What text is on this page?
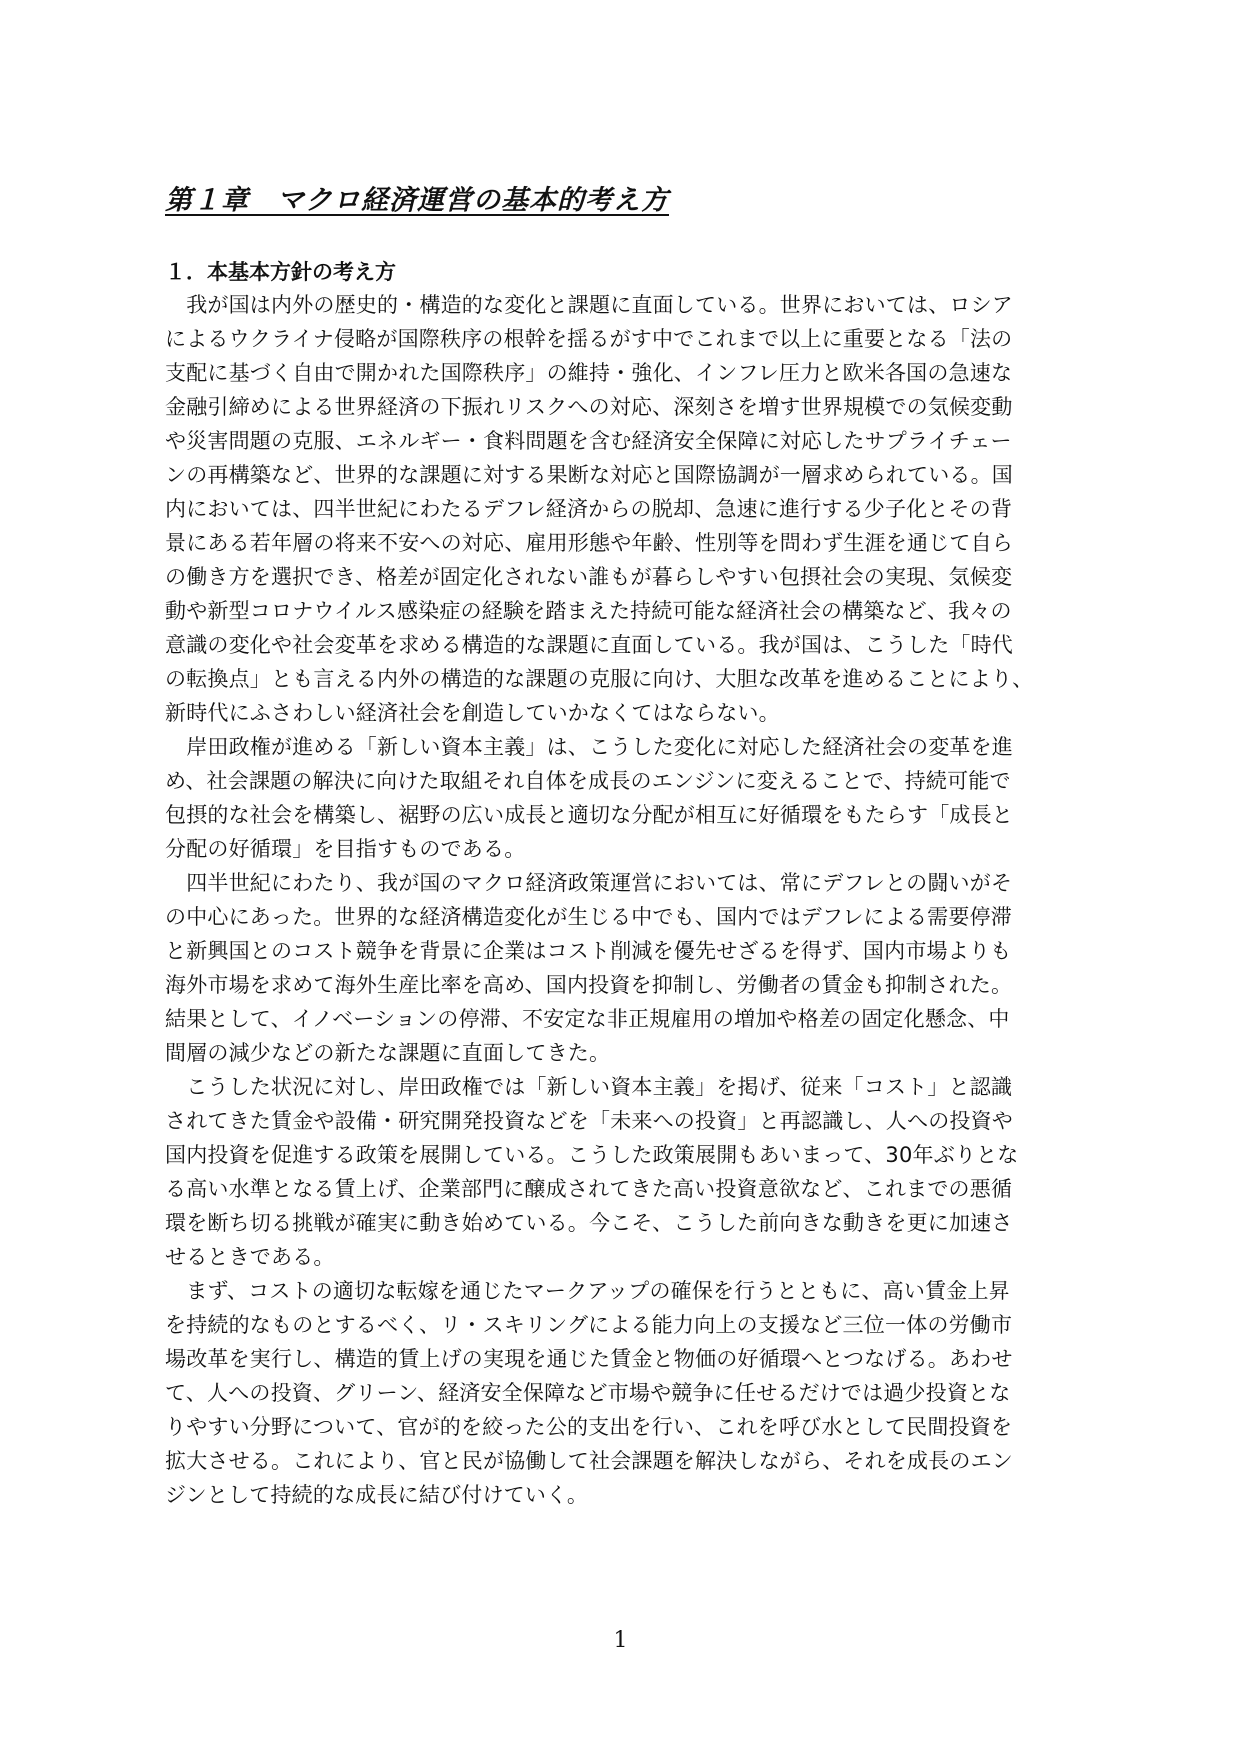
第１章　マクロ経済運営の基本的考え方
１．本基本方針の考え方
　我が国は内外の歴史的・構造的な変化と課題に直面している。世界においては、ロシア
によるウクライナ侵略が国際秩序の根幹を揺るがす中でこれまで以上に重要となる「法の
支配に基づく自由で開かれた国際秩序」の維持・強化、インフレ圧力と欧米各国の急速な
金融引締めによる世界経済の下振れリスクへの対応、深刻さを増す世界規模での気候変動
や災害問題の克服、エネルギー・食料問題を含む経済安全保障に対応したサプライチェー
ンの再構築など、世界的な課題に対する果断な対応と国際協調が一層求められている。国
内においては、四半世紀にわたるデフレ経済からの脱却、急速に進行する少子化とその背
景にある若年層の将来不安への対応、雇用形態や年齢、性別等を問わず生涯を通じて自ら
の働き方を選択でき、格差が固定化されない誰もが暮らしやすい包摂社会の実現、気候変
動や新型コロナウイルス感染症の経験を踏まえた持続可能な経済社会の構築など、我々の
意識の変化や社会変革を求める構造的な課題に直面している。我が国は、こうした「時代
の転換点」とも言える内外の構造的な課題の克服に向け、大胆な改革を進めることにより、
新時代にふさわしい経済社会を創造していかなくてはならない。
　岸田政権が進める「新しい資本主義」は、こうした変化に対応した経済社会の変革を進
め、社会課題の解決に向けた取組それ自体を成長のエンジンに変えることで、持続可能で
包摂的な社会を構築し、裾野の広い成長と適切な分配が相互に好循環をもたらす「成長と
分配の好循環」を目指すものである。
　四半世紀にわたり、我が国のマクロ経済政策運営においては、常にデフレとの闘いがそ
の中心にあった。世界的な経済構造変化が生じる中でも、国内ではデフレによる需要停滞
と新興国とのコスト競争を背景に企業はコスト削減を優先せざるを得ず、国内市場よりも
海外市場を求めて海外生産比率を高め、国内投資を抑制し、労働者の賃金も抑制された。
結果として、イノベーションの停滞、不安定な非正規雇用の増加や格差の固定化懸念、中
間層の減少などの新たな課題に直面してきた。
　こうした状況に対し、岸田政権では「新しい資本主義」を掲げ、従来「コスト」と認識
されてきた賃金や設備・研究開発投資などを「未来への投資」と再認識し、人への投資や
国内投資を促進する政策を展開している。こうした政策展開もあいまって、30年ぶりとな
る高い水準となる賃上げ、企業部門に醸成されてきた高い投資意欲など、これまでの悪循
環を断ち切る挑戦が確実に動き始めている。今こそ、こうした前向きな動きを更に加速さ
せるときである。
　まず、コストの適切な転嫁を通じたマークアップの確保を行うとともに、高い賃金上昇
を持続的なものとするべく、リ・スキリングによる能力向上の支援など三位一体の労働市
場改革を実行し、構造的賃上げの実現を通じた賃金と物価の好循環へとつなげる。あわせ
て、人への投資、グリーン、経済安全保障など市場や競争に任せるだけでは過少投資とな
りやすい分野について、官が的を絞った公的支出を行い、これを呼び水として民間投資を
拡大させる。これにより、官と民が協働して社会課題を解決しながら、それを成長のエン
ジンとして持続的な成長に結び付けていく。
1
